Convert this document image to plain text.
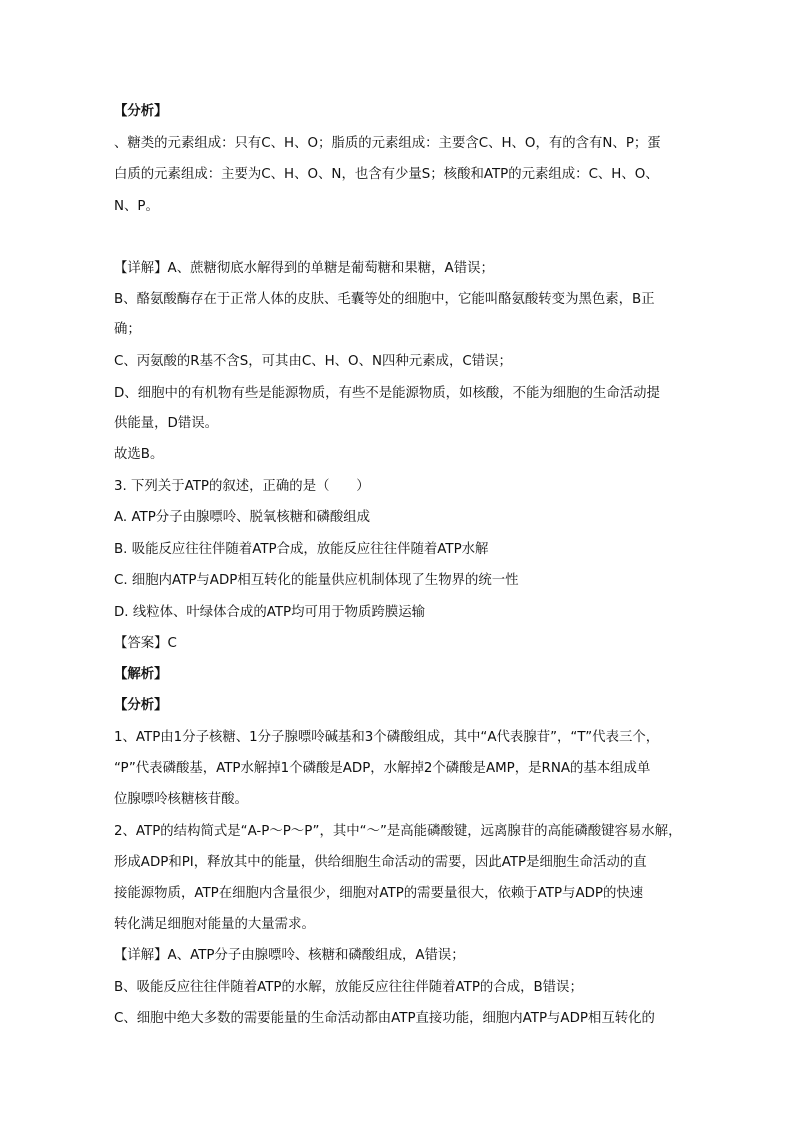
【分析】
、糖类的元素组成：只有C、H、O；脂质的元素组成：主要含C、H、O，有的含有N、P；蛋
白质的元素组成：主要为C、H、O、N，也含有少量S；核酸和ATP的元素组成：C、H、O、
N、P。
【详解】A、蔗糖彻底水解得到的单糖是葡萄糖和果糖，A错误；
B、酪氨酸酶存在于正常人体的皮肤、毛囊等处的细胞中，它能叫酪氨酸转变为黑色素，B正
确；
C、丙氨酸的R基不含S，可其由C、H、O、N四种元素成，C错误；
D、细胞中的有机物有些是能源物质，有些不是能源物质，如核酸，不能为细胞的生命活动提
供能量，D错误。
故选B。
3. 下列关于ATP的叙述，正确的是（　　）
A. ATP分子由腺嘌呤、脱氧核糖和磷酸组成
B. 吸能反应往往伴随着ATP合成，放能反应往往伴随着ATP水解
C. 细胞内ATP与ADP相互转化的能量供应机制体现了生物界的统一性
D. 线粒体、叶绿体合成的ATP均可用于物质跨膜运输
【答案】C
【解析】
【分析】
1、ATP由1分子核糖、1分子腺嘌呤碱基和3个磷酸组成，其中“A代表腺苷”，“T”代表三个，
“P”代表磷酸基，ATP水解掉1个磷酸是ADP，水解掉2个磷酸是AMP，是RNA的基本组成单
位腺嘌呤核糖核苷酸。
2、ATP的结构简式是“A-P～P～P”，其中“～”是高能磷酸键，远离腺苷的高能磷酸键容易水解，
形成ADP和PI，释放其中的能量，供给细胞生命活动的需要，因此ATP是细胞生命活动的直
接能源物质，ATP在细胞内含量很少，细胞对ATP的需要量很大，依赖于ATP与ADP的快速
转化满足细胞对能量的大量需求。
【详解】A、ATP分子由腺嘌呤、核糖和磷酸组成，A错误；
B、吸能反应往往伴随着ATP的水解，放能反应往往伴随着ATP的合成，B错误；
C、细胞中绝大多数的需要能量的生命活动都由ATP直接功能，细胞内ATP与ADP相互转化的
